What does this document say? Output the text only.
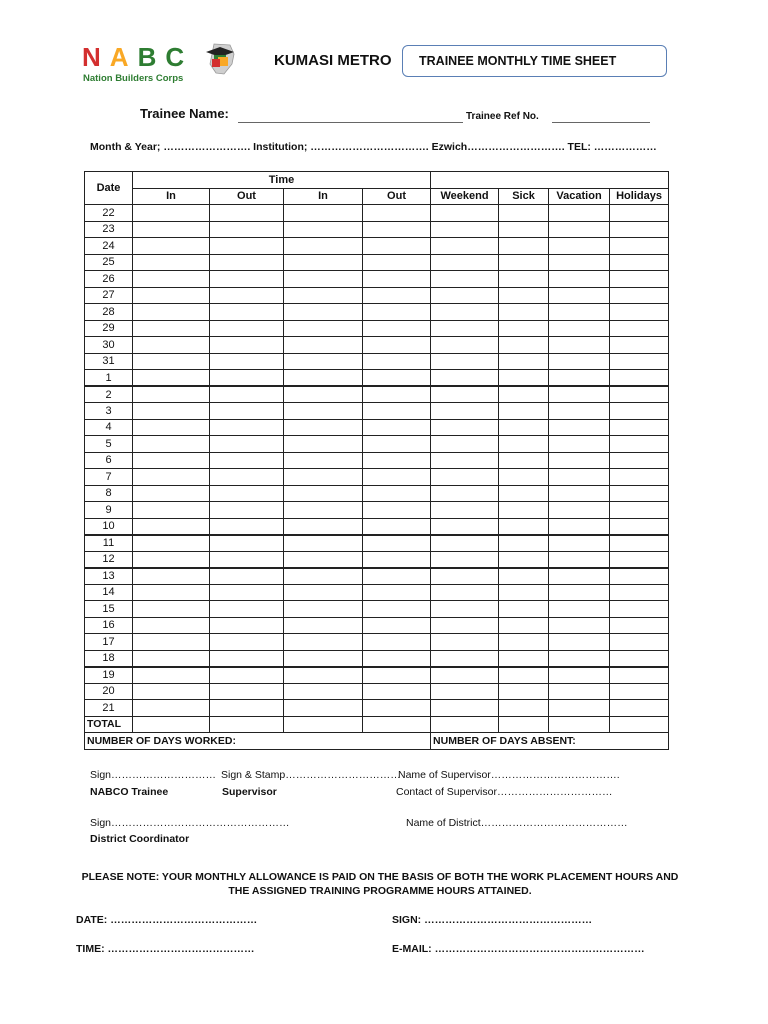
NABC
Nation Builders Corps
KUMASI METRO TRAINEE MONTHLY TIME SHEET
Trainee Name:	Trainee Ref No.
Month & Year; ……………………. Institution; ……………………………. Ezwich………………………. TEL: ………………
Date	Time							
	In	Out	In	Out	Weekend	Sick	Vacation	Holidays
22								
23								
24								
25								
26								
27								
28								
29								
30								
31								
1								
2								
3								
4								
5								
6								
7								
8								
9								
10								
11								
12								
13								
14								
15								
16								
17								
18								
19								
20								
21								
TOTAL								
NUMBER OF DAYS WORKED:					NUMBER OF DAYS ABSENT:			
Sign…………………………
NABCO Trainee
Sign & Stamp……………………………
Supervisor
Name of Supervisor……………………………….
Contact of Supervisor……………………………
Sign……………………………………………
District Coordinator
Name of District……………………………………
PLEASE NOTE: YOUR MONTHLY ALLOWANCE IS PAID ON THE BASIS OF BOTH THE WORK PLACEMENT HOURS AND
THE ASSIGNED TRAINING PROGRAMME HOURS ATTAINED.
DATE: ……………………………………	SIGN: …………………………………………
TIME: ……………………………………	E-MAIL: ……………………………………………………
